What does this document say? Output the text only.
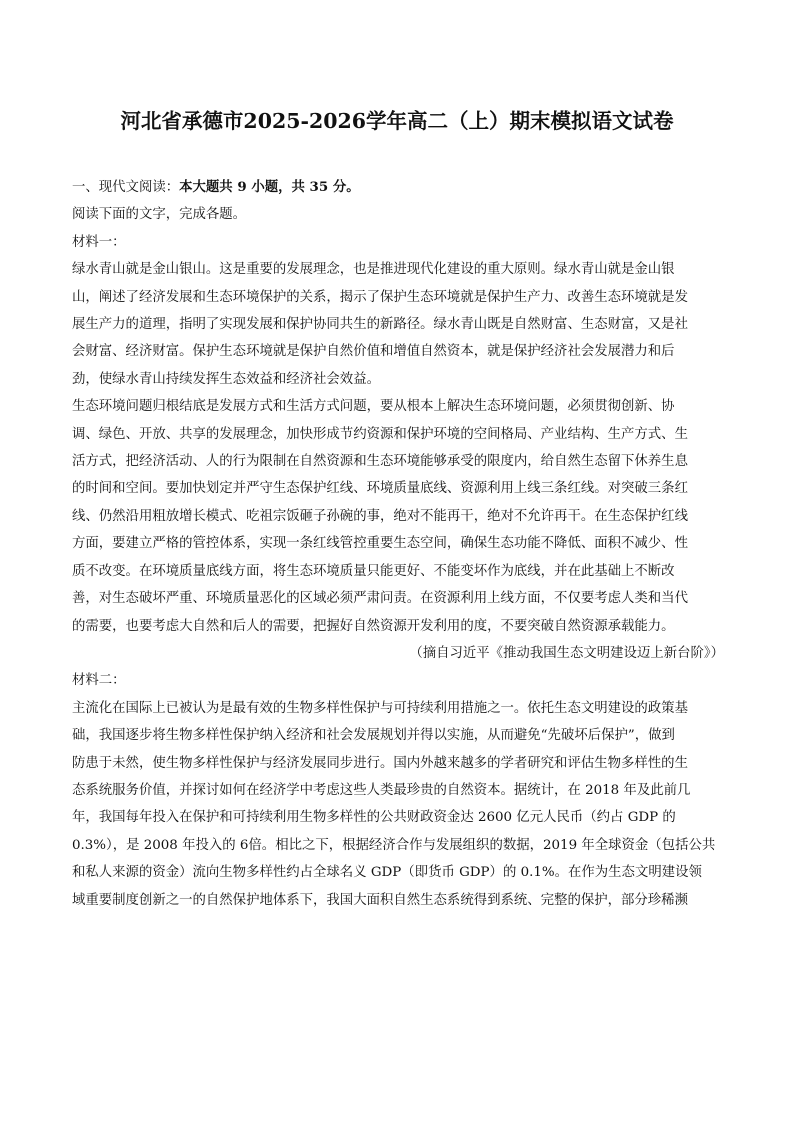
河北省承德市2025-2026学年高二（上）期末模拟语文试卷

一、现代文阅读：本大题共 9 小题，共 35 分。

阅读下面的文字，完成各题。

材料一：

绿水青山就是金山银山。这是重要的发展理念，也是推进现代化建设的重大原则。绿水青山就是金山银

山，阐述了经济发展和生态环境保护的关系，揭示了保护生态环境就是保护生产力、改善生态环境就是发

展生产力的道理，指明了实现发展和保护协同共生的新路径。绿水青山既是自然财富、生态财富，又是社

会财富、经济财富。保护生态环境就是保护自然价值和增值自然资本，就是保护经济社会发展潜力和后

劲，使绿水青山持续发挥生态效益和经济社会效益。

生态环境问题归根结底是发展方式和生活方式问题，要从根本上解决生态环境问题，必须贯彻创新、协

调、绿色、开放、共享的发展理念，加快形成节约资源和保护环境的空间格局、产业结构、生产方式、生

活方式，把经济活动、人的行为限制在自然资源和生态环境能够承受的限度内，给自然生态留下休养生息

的时间和空间。要加快划定并严守生态保护红线、环境质量底线、资源利用上线三条红线。对突破三条红

线、仍然沿用粗放增长模式、吃祖宗饭砸子孙碗的事，绝对不能再干，绝对不允许再干。在生态保护红线

方面，要建立严格的管控体系，实现一条红线管控重要生态空间，确保生态功能不降低、面积不减少、性

质不改变。在环境质量底线方面，将生态环境质量只能更好、不能变坏作为底线，并在此基础上不断改

善，对生态破坏严重、环境质量恶化的区域必须严肃问责。在资源利用上线方面，不仅要考虑人类和当代

的需要，也要考虑大自然和后人的需要，把握好自然资源开发利用的度，不要突破自然资源承载能力。

（摘自习近平《推动我国生态文明建设迈上新台阶》）

材料二：

主流化在国际上已被认为是最有效的生物多样性保护与可持续利用措施之一。依托生态文明建设的政策基

础，我国逐步将生物多样性保护纳入经济和社会发展规划并得以实施，从而避免“先破坏后保护”，做到

防患于未然，使生物多样性保护与经济发展同步进行。国内外越来越多的学者研究和评估生物多样性的生

态系统服务价值，并探讨如何在经济学中考虑这些人类最珍贵的自然资本。据统计，在 2018 年及此前几

年，我国每年投入在保护和可持续利用生物多样性的公共财政资金达 2600 亿元人民币（约占 GDP 的

0.3%），是 2008 年投入的 6倍。相比之下，根据经济合作与发展组织的数据，2019 年全球资金（包括公共

和私人来源的资金）流向生物多样性约占全球名义 GDP（即货币 GDP）的 0.1%。在作为生态文明建设领

域重要制度创新之一的自然保护地体系下，我国大面积自然生态系统得到系统、完整的保护，部分珍稀濒
